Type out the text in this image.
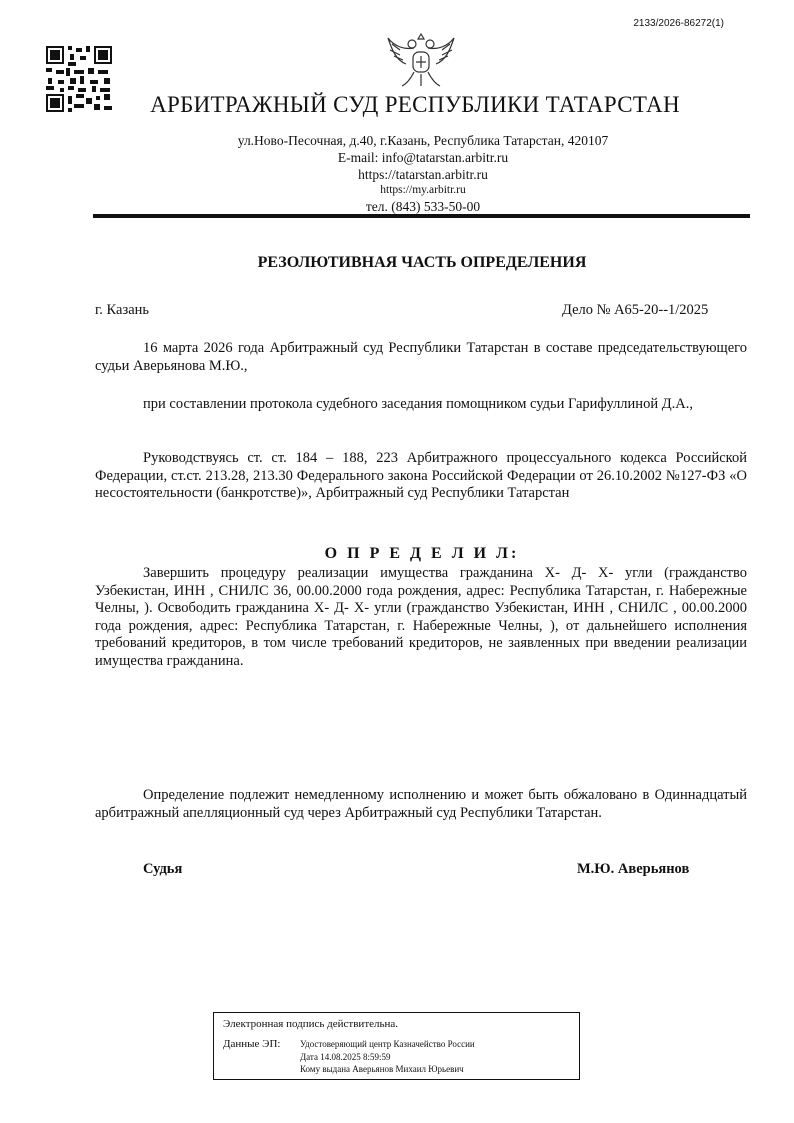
2133/2026-86272(1)
АРБИТРАЖНЫЙ СУД РЕСПУБЛИКИ ТАТАРСТАН
ул.Ново-Песочная, д.40, г.Казань, Республика Татарстан, 420107
E-mail: info@tatarstan.arbitr.ru
https://tatarstan.arbitr.ru
https://my.arbitr.ru
тел. (843) 533-50-00
РЕЗОЛЮТИВНАЯ ЧАСТЬ ОПРЕДЕЛЕНИЯ
г. Казань	Дело № А65-20--1/2025
16 марта 2026 года Арбитражный суд Республики Татарстан в составе председательствующего судьи Аверьянова М.Ю.,
при составлении протокола судебного заседания помощником судьи Гарифуллиной Д.А.,
Руководствуясь ст. ст. 184 – 188, 223 Арбитражного процессуального кодекса Российской Федерации, ст.ст. 213.28, 213.30 Федерального закона Российской Федерации от 26.10.2002 №127-ФЗ «О несостоятельности (банкротстве)», Арбитражный суд Республики Татарстан
О П Р Е Д Е Л И Л:
Завершить процедуру реализации имущества гражданина Х- Д- Х- угли (гражданство Узбекистан, ИНН , СНИЛС 36, 00.00.2000 года рождения, адрес: Республика Татарстан, г. Набережные Челны, ). Освободить гражданина Х- Д- Х- угли (гражданство Узбекистан, ИНН , СНИЛС , 00.00.2000 года рождения, адрес: Республика Татарстан, г. Набережные Челны, ), от дальнейшего исполнения требований кредиторов, в том числе требований кредиторов, не заявленных при введении реализации имущества гражданина.
Определение подлежит немедленному исполнению и может быть обжаловано в Одиннадцатый арбитражный апелляционный суд через Арбитражный суд Республики Татарстан.
Судья	М.Ю. Аверьянов
Электронная подпись действительна.
Данные ЭП: Удостоверяющий центр Казначейство России
Дата 14.08.2025 8:59:59
Кому выдана Аверьянов Михаил Юрьевич
